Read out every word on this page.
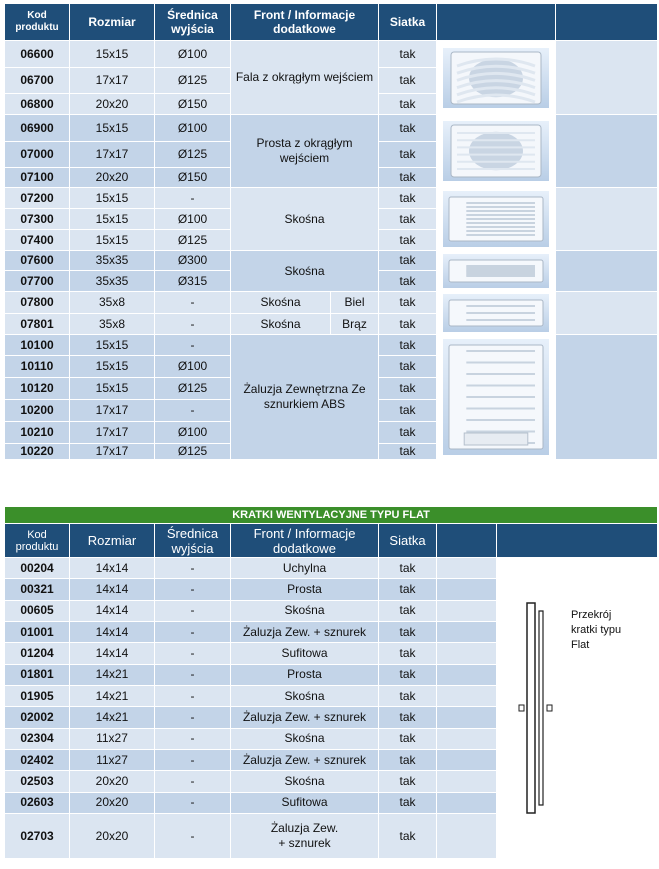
Kod produktu	Rozmiar	Średnica wyjścia	Front / Informacje dodatkowe		Siatka		
06600	15x15	Ø100	Fala z okrągłym wejściem		tak	

06700	17x17	Ø125			tak		
06800	20x20	Ø150			tak		
06900	15x15	Ø100	Prosta z okrągłym wejściem		tak	

07000	17x17	Ø125			tak		
07100	20x20	Ø150			tak		
07200	15x15	-	Skośna		tak	

07300	15x15	Ø100			tak		
07400	15x15	Ø125			tak		
07600	35x35	Ø300	Skośna		tak	

07700	35x35	Ø315			tak		
07800	35x8	-	Skośna	Biel	tak	

07801	35x8	-	Skośna	Brąz	tak		
10100	15x15	-	Żaluzja Zewnętrzna Ze sznurkiem ABS		tak	

10110	15x15	Ø100			tak		
10120	15x15	Ø125			tak		
10200	17x17	-			tak		
10210	17x17	Ø100			tak		
10220	17x17	Ø125			tak		
KRATKI WENTYLACYJNE TYPU FLAT						
Kod produktu	Rozmiar	Średnica wyjścia	Front / Informacje dodatkowe	Siatka		
00204	14x14	-	Uchylna	tak		Przekrój
kratki typu
Flat

00321	14x14	-	Prosta	tak		
00605	14x14	-	Skośna	tak		
01001	14x14	-	Żaluzja Zew. + sznurek	tak		
01204	14x14	-	Sufitowa	tak		
01801	14x21	-	Prosta	tak		
01905	14x21	-	Skośna	tak		
02002	14x21	-	Żaluzja Zew. + sznurek	tak		
02304	11x27	-	Skośna	tak		
02402	11x27	-	Żaluzja Zew. + sznurek	tak		
02503	20x20	-	Skośna	tak		
02603	20x20	-	Sufitowa	tak		
02703	20x20	-	Żaluzja Zew.
+ sznurek	tak		
